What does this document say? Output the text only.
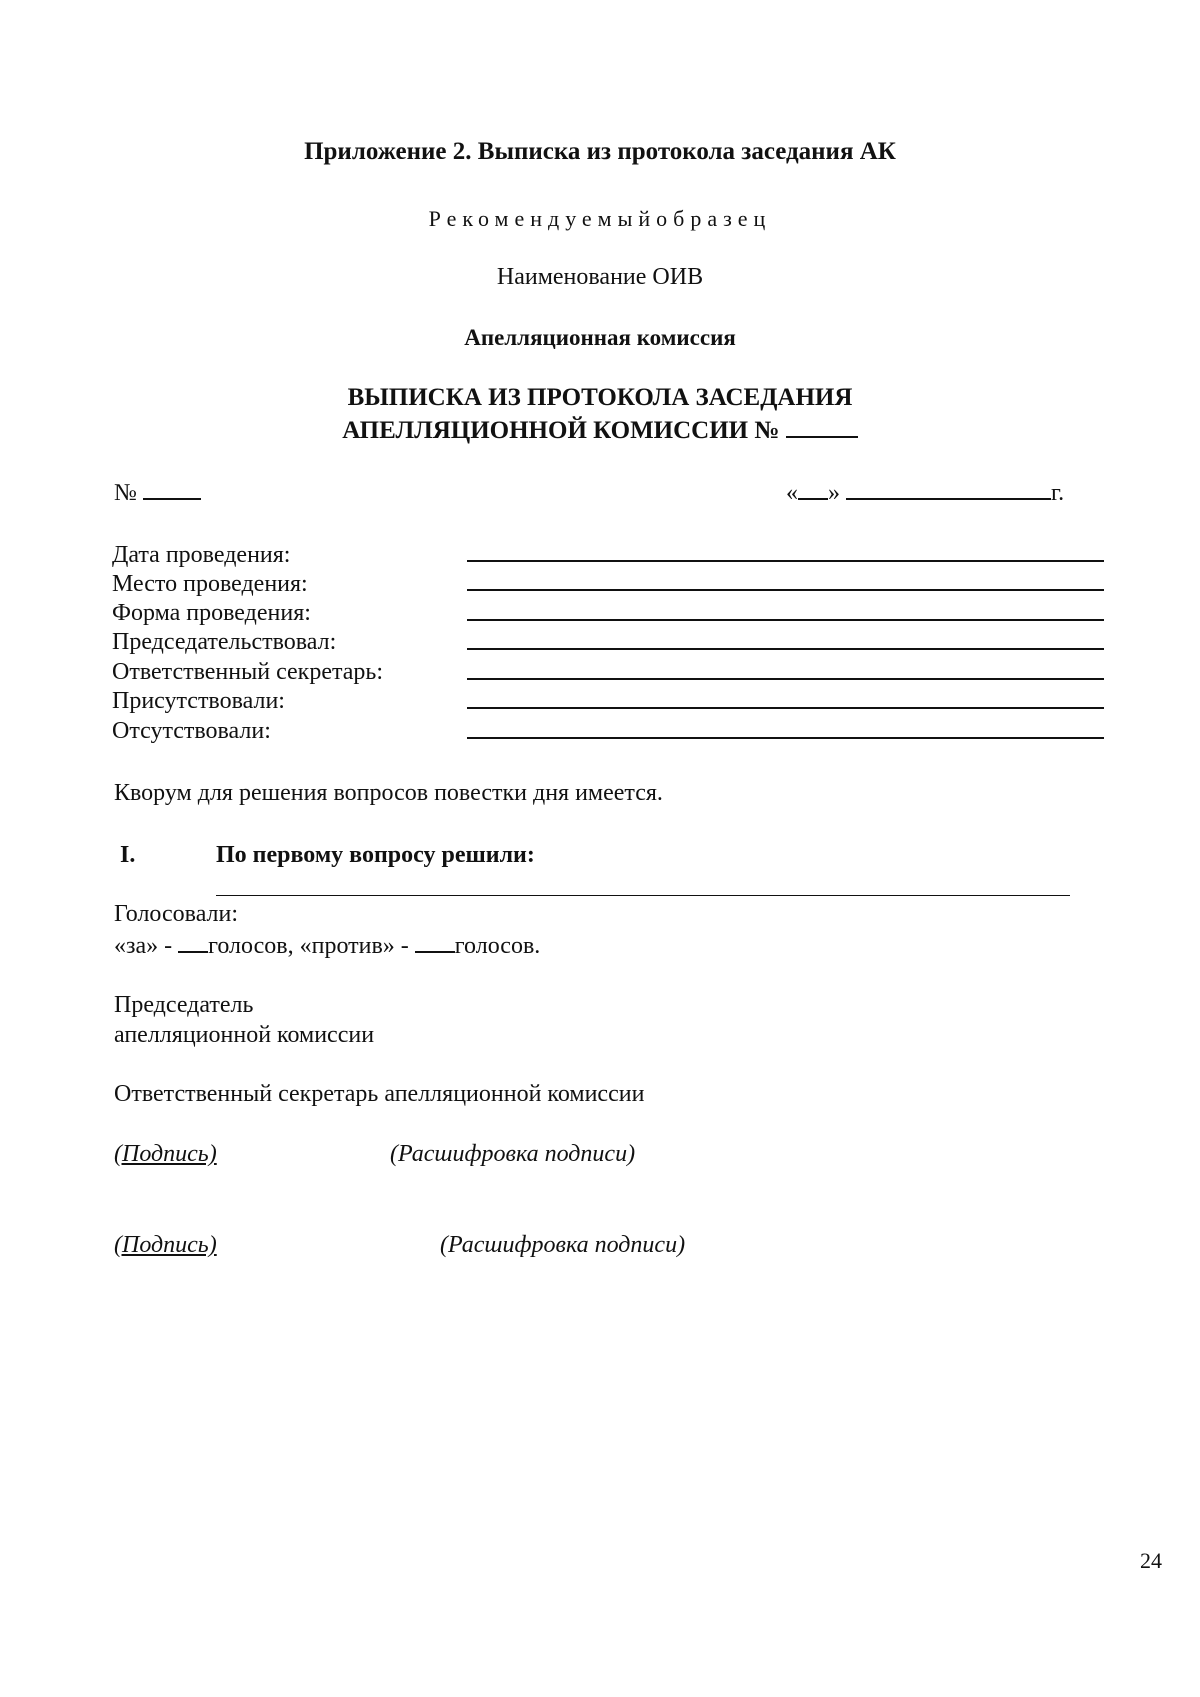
Приложение 2. Выписка из протокола заседания АК
Рекомендуемыйобразец
Наименование ОИВ
Апелляционная комиссия
ВЫПИСКА ИЗ ПРОТОКОЛА ЗАСЕДАНИЯ
АПЕЛЛЯЦИОННОЙ КОМИССИИ №
№	« »	г.
Дата проведения:
Место проведения:
Форма проведения:
Председательствовал:
Ответственный секретарь:
Присутствовали:
Отсутствовали:
Кворум для решения вопросов повестки дня имеется.
I.	По первому вопросу решили:
Голосовали:
«за» - голосов, «против» - голосов.
Председатель
апелляционной комиссии
Ответственный секретарь апелляционной комиссии
(Подпись)	(Расшифровка подписи)
(Подпись)	(Расшифровка подписи)
24
